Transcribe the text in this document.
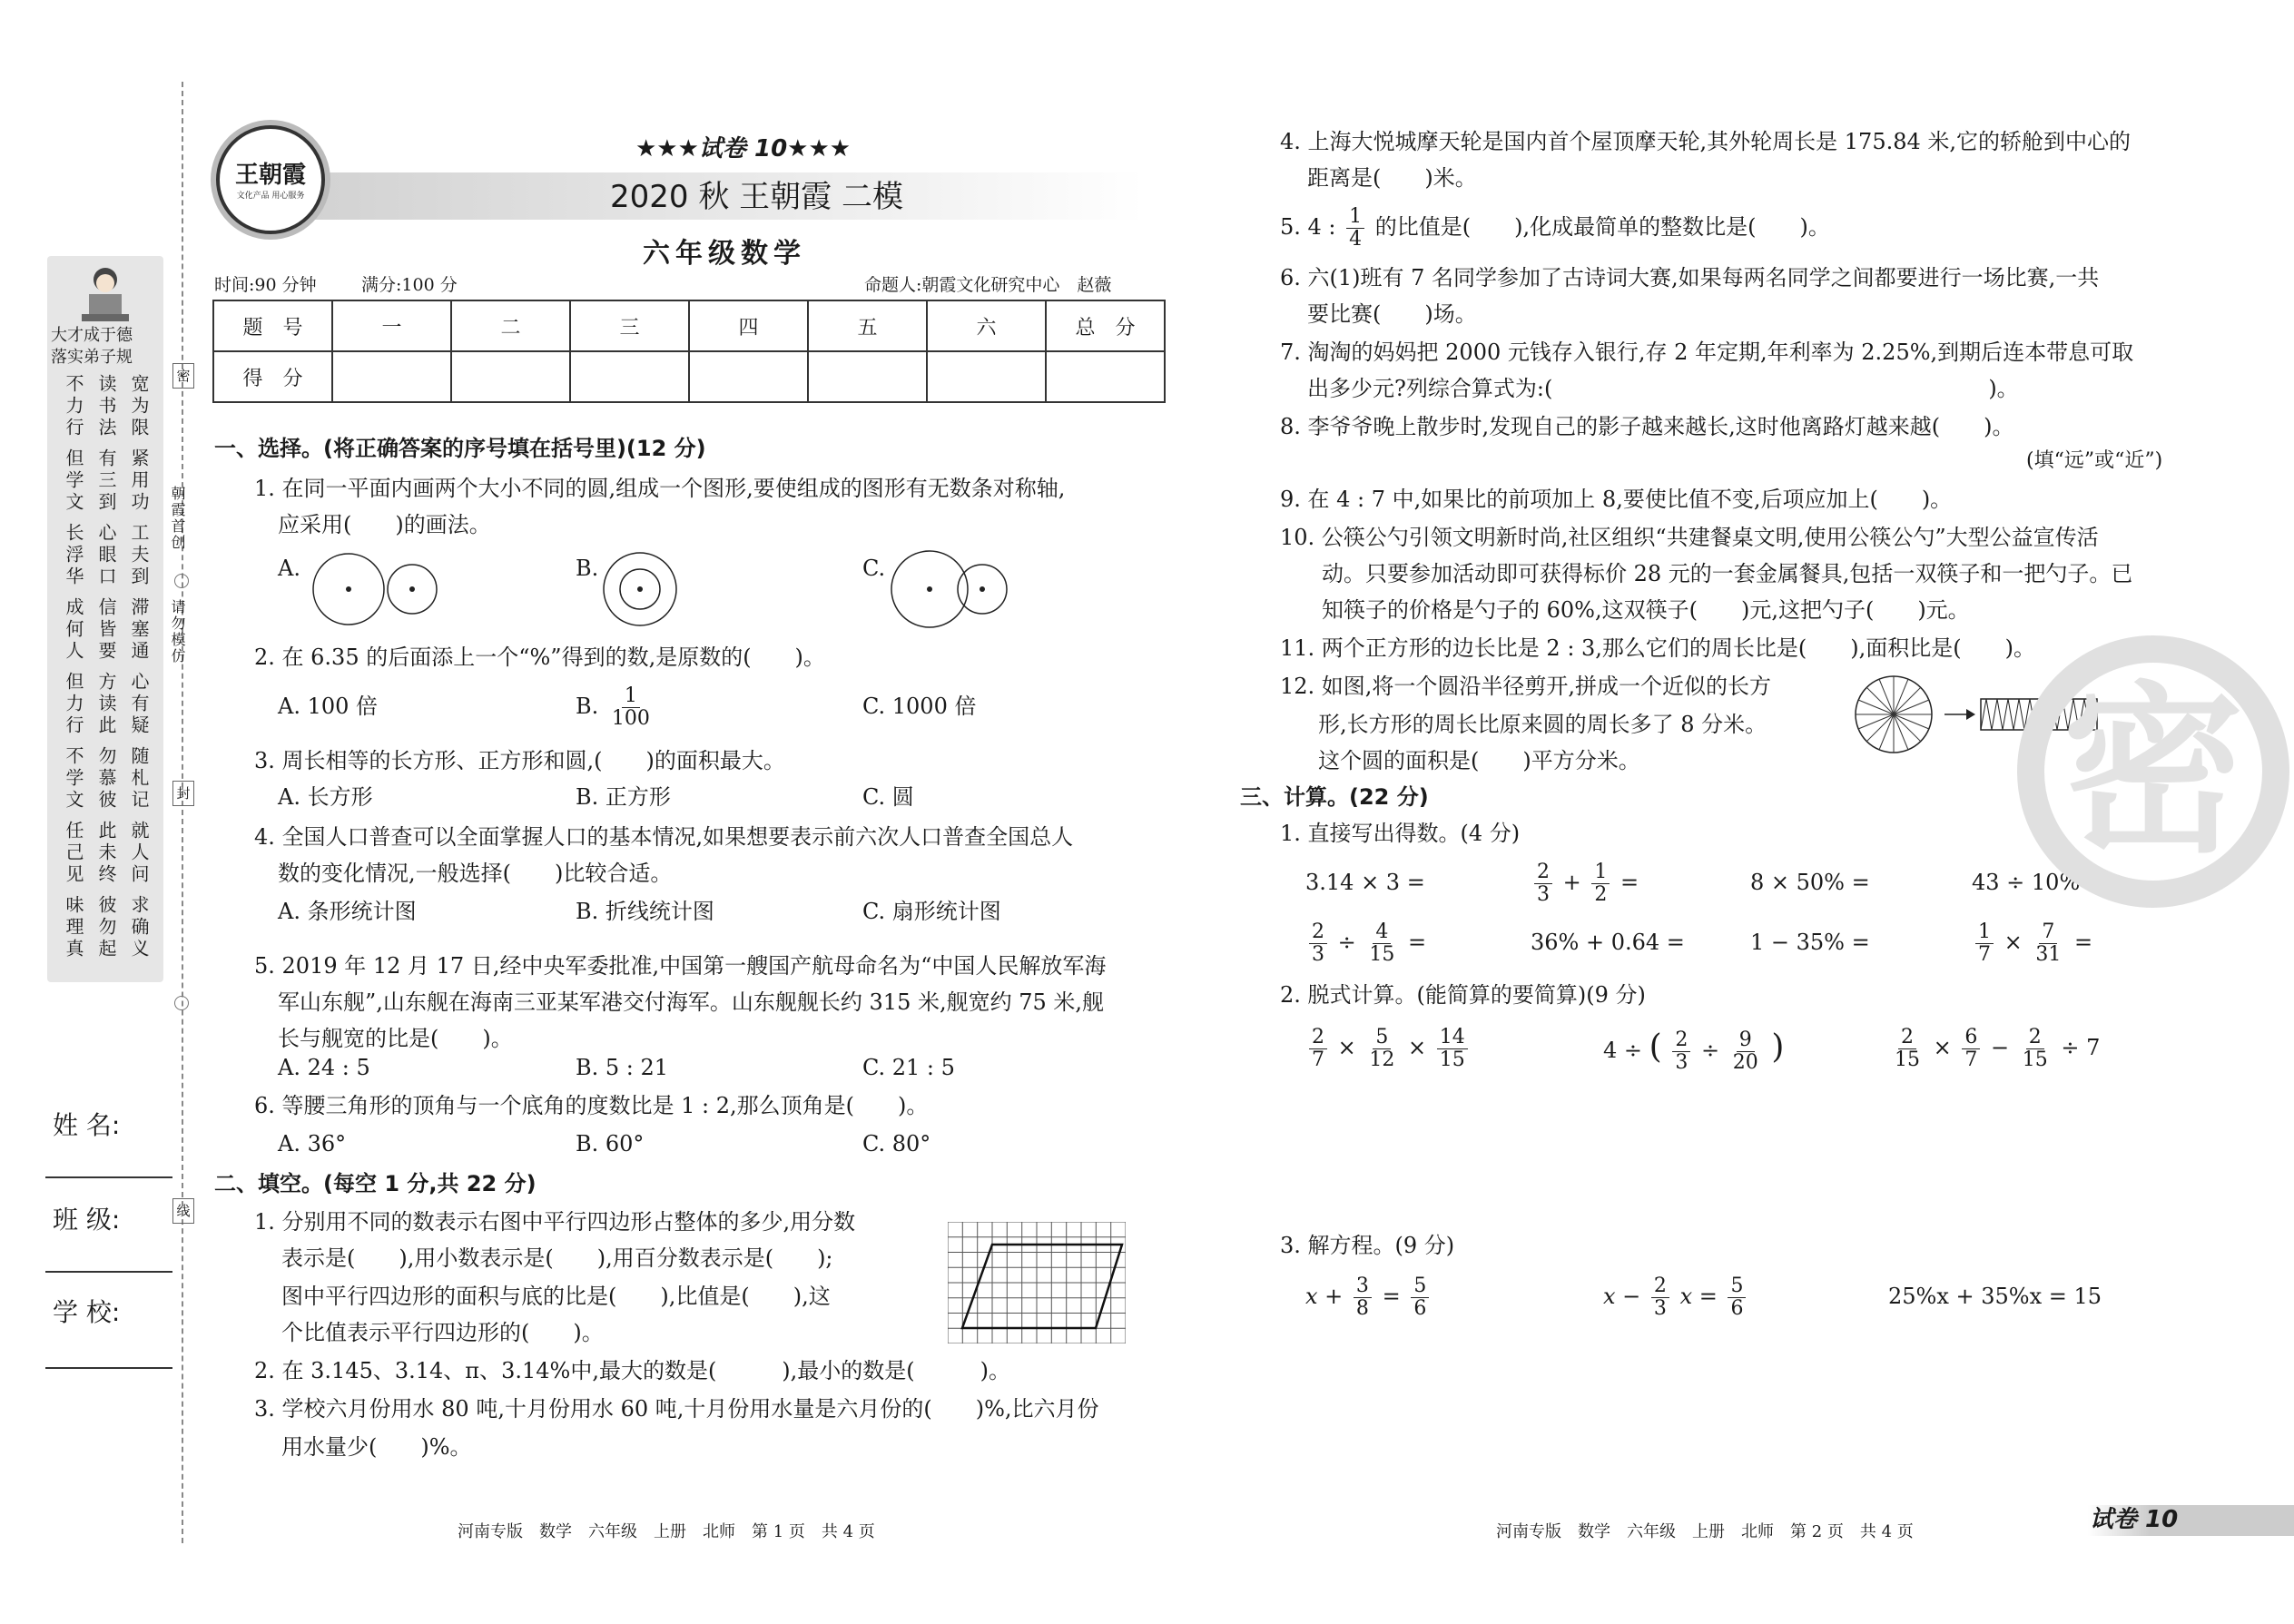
大才成于德
落实弟子规
宽为限
读书法
不力行
紧用功
有三到
但学文
工夫到
心眼口
长浮华
滞塞通
信皆要
成何人
心有疑
方读此
但力行
随札记
勿慕彼
不学文
就人问
此未终
任己见
求确义
彼勿起
味理真
朝霞首创
请勿模仿
密
封
线
姓 名:
班 级:
学 校:
王朝霞
文化产品 用心服务
★★★试卷 10★★★
2020 秋 王朝霞 二模
六年级数学
时间:90 分钟	满分:100 分	命题人:朝霞文化研究中心　赵薇
题　号	一	二	三	四	五	六	总　分
得　分							
一、选择。(将正确答案的序号填在括号里)(12 分)
1. 在同一平面内画两个大小不同的圆,组成一个图形,要使组成的图形有无数条对称轴,
应采用(　　)的画法。
A.	B.	C.
2. 在 6.35 的后面添上一个“%”得到的数,是原数的(　　)。
A. 100 倍	B. $\frac{1}{100}$	C. 1000 倍
3. 周长相等的长方形、正方形和圆,(　　)的面积最大。
A. 长方形	B. 正方形	C. 圆
4. 全国人口普查可以全面掌握人口的基本情况,如果想要表示前六次人口普查全国总人
数的变化情况,一般选择(　　)比较合适。
A. 条形统计图	B. 折线统计图	C. 扇形统计图
5. 2019 年 12 月 17 日,经中央军委批准,中国第一艘国产航母命名为“中国人民解放军海
军山东舰”,山东舰在海南三亚某军港交付海军。山东舰舰长约 315 米,舰宽约 75 米,舰
长与舰宽的比是(　　)。
A. 24 : 5	B. 5 : 21	C. 21 : 5
6. 等腰三角形的顶角与一个底角的度数比是 1 : 2,那么顶角是(　　)。
A. 36°	B. 60°	C. 80°
二、填空。(每空 1 分,共 22 分)
1. 分别用不同的数表示右图中平行四边形占整体的多少,用分数
表示是(　　),用小数表示是(　　),用百分数表示是(　　);
图中平行四边形的面积与底的比是(　　),比值是(　　),这
个比值表示平行四边形的(　　)。
2. 在 3.145、3.14、π、3.14%中,最大的数是(　　　),最小的数是(　　　)。
3. 学校六月份用水 80 吨,十月份用水 60 吨,十月份用水量是六月份的(　　)%,比六月份
用水量少(　　)%。
4. 上海大悦城摩天轮是国内首个屋顶摩天轮,其外轮周长是 175.84 米,它的轿舱到中心的
距离是(　　)米。
5. 4 : $\frac{1}{4}$ 的比值是(　　),化成最简单的整数比是(　　)。
6. 六(1)班有 7 名同学参加了古诗词大赛,如果每两名同学之间都要进行一场比赛,一共
要比赛(　　)场。
7. 淘淘的妈妈把 2000 元钱存入银行,存 2 年定期,年利率为 2.25%,到期后连本带息可取
出多少元?列综合算式为:(　　　　　　　　　　　　　　　　　　　　)。
8. 李爷爷晚上散步时,发现自己的影子越来越长,这时他离路灯越来越(　　)。
(填“远”或“近”)
9. 在 4 : 7 中,如果比的前项加上 8,要使比值不变,后项应加上(　　)。
10. 公筷公勺引领文明新时尚,社区组织“共建餐桌文明,使用公筷公勺”大型公益宣传活
动。只要参加活动即可获得标价 28 元的一套金属餐具,包括一双筷子和一把勺子。已
知筷子的价格是勺子的 60%,这双筷子(　　)元,这把勺子(　　)元。
11. 两个正方形的边长比是 2 : 3,那么它们的周长比是(　　),面积比是(　　)。
12. 如图,将一个圆沿半径剪开,拼成一个近似的长方
形,长方形的周长比原来圆的周长多了 8 分米。
这个圆的面积是(　　)平方分米。
三、计算。(22 分)
1. 直接写出得数。(4 分)
3.14 × 3 =	$\frac{2}{3} + \frac{1}{2}$ =	8 × 50% =	43 ÷ 10% =
$\frac{2}{3} \div \frac{4}{15}$ =	36% + 0.64 =	1 − 35% =	$\frac{1}{7} \times \frac{7}{31}$ =
2. 脱式计算。(能简算的要简算)(9 分)
$\frac{2}{7} \times \frac{5}{12} \times \frac{14}{15}$	4 ÷ ( $\frac{2}{3} \div \frac{9}{20}$ )	$\frac{2}{15} \times \frac{6}{7} - \frac{2}{15} \div 7$
3. 解方程。(9 分)
$x + \frac{3}{8} = \frac{5}{6}$	$x - \frac{2}{3}$ $x = \frac{5}{6}$	25%x + 35%x = 15
密
河南专版　数学　六年级　上册　北师　第 1 页　共 4 页	河南专版　数学　六年级　上册　北师　第 2 页　共 4 页	试卷 10
